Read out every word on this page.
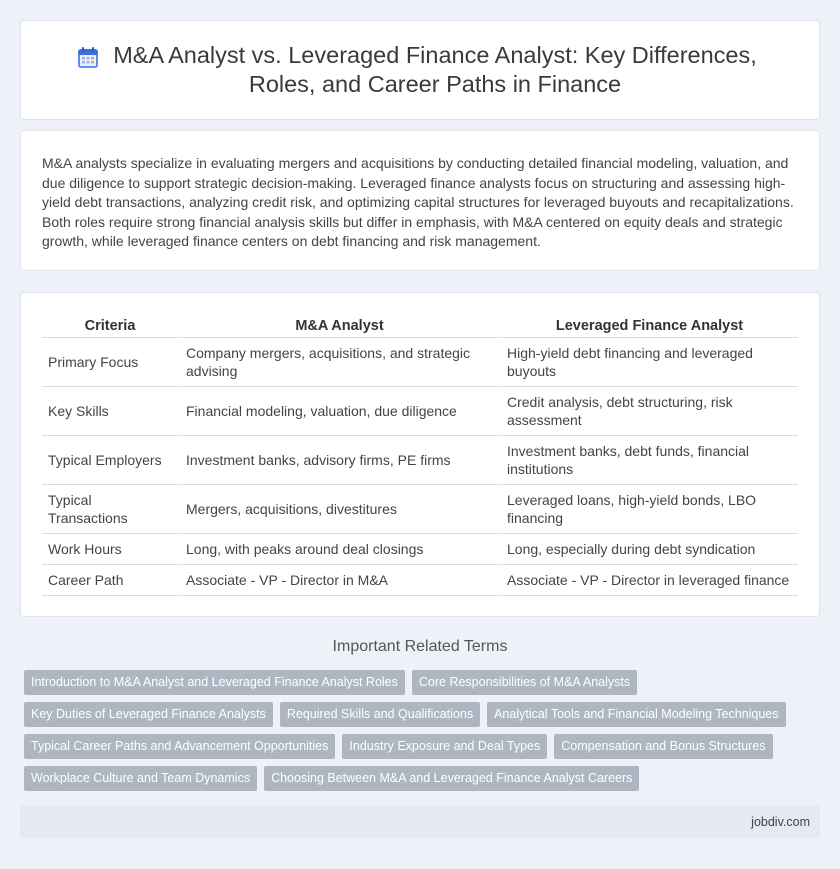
M&A Analyst vs. Leveraged Finance Analyst: Key Differences, Roles, and Career Paths in Finance

M&A analysts specialize in evaluating mergers and acquisitions by conducting detailed financial modeling, valuation, and due diligence to support strategic decision-making. Leveraged finance analysts focus on structuring and assessing high-yield debt transactions, analyzing credit risk, and optimizing capital structures for leveraged buyouts and recapitalizations. Both roles require strong financial analysis skills but differ in emphasis, with M&A centered on equity deals and strategic growth, while leveraged finance centers on debt financing and risk management.

Criteria	M&A Analyst	Leveraged Finance Analyst
Primary Focus	Company mergers, acquisitions, and strategic advising	High-yield debt financing and leveraged buyouts
Key Skills	Financial modeling, valuation, due diligence	Credit analysis, debt structuring, risk assessment
Typical Employers	Investment banks, advisory firms, PE firms	Investment banks, debt funds, financial institutions
Typical Transactions	Mergers, acquisitions, divestitures	Leveraged loans, high-yield bonds, LBO financing
Work Hours	Long, with peaks around deal closings	Long, especially during debt syndication
Career Path	Associate - VP - Director in M&A	Associate - VP - Director in leveraged finance
Important Related Terms
Introduction to M&A Analyst and Leveraged Finance Analyst Roles	Core Responsibilities of M&A Analysts
Key Duties of Leveraged Finance Analysts	Required Skills and Qualifications	Analytical Tools and Financial Modeling Techniques
Typical Career Paths and Advancement Opportunities	Industry Exposure and Deal Types	Compensation and Bonus Structures
Workplace Culture and Team Dynamics	Choosing Between M&A and Leveraged Finance Analyst Careers
jobdiv.com
